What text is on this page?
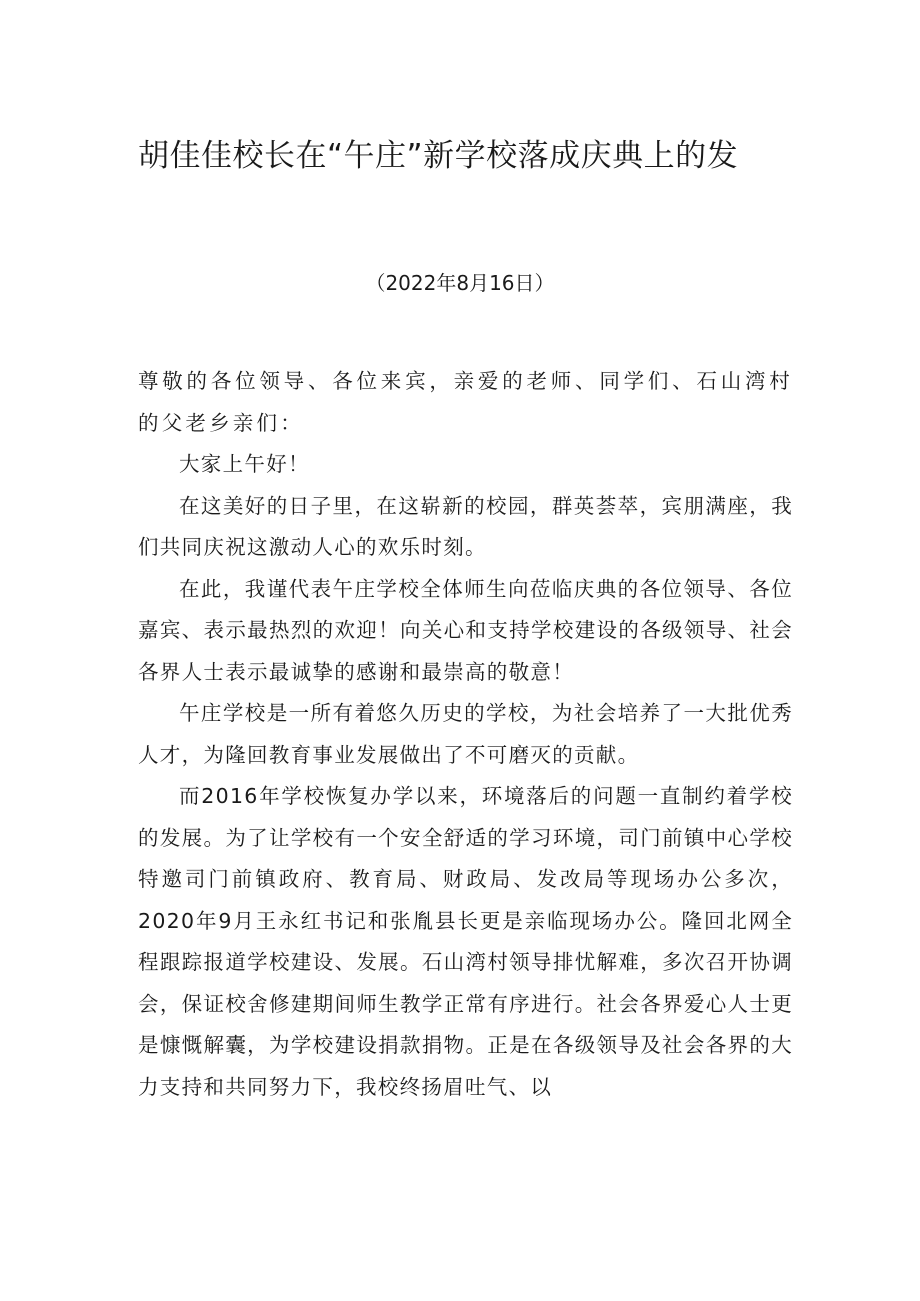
胡佳佳校长在“午庄”新学校落成庆典上的发

（2022年8月16日）

尊敬的各位领导、各位来宾，亲爱的老师、同学们、石山湾村的父老乡亲们：

大家上午好！

在这美好的日子里，在这崭新的校园，群英荟萃，宾朋满座，我们共同庆祝这激动人心的欢乐时刻。

在此，我谨代表午庄学校全体师生向莅临庆典的各位领导、各位嘉宾、表示最热烈的欢迎！向关心和支持学校建设的各级领导、社会各界人士表示最诚挚的感谢和最崇高的敬意！

午庄学校是一所有着悠久历史的学校，为社会培养了一大批优秀人才，为隆回教育事业发展做出了不可磨灭的贡献。

而2016年学校恢复办学以来，环境落后的问题一直制约着学校的发展。为了让学校有一个安全舒适的学习环境，司门前镇中心学校特邀司门前镇政府、教育局、财政局、发改局等现场办公多次，2020年9月王永红书记和张胤县长更是亲临现场办公。隆回北网全程跟踪报道学校建设、发展。石山湾村领导排忧解难，多次召开协调会，保证校舍修建期间师生教学正常有序进行。社会各界爱心人士更是慷慨解囊，为学校建设捐款捐物。正是在各级领导及社会各界的大力支持和共同努力下，我校终扬眉吐气、以
